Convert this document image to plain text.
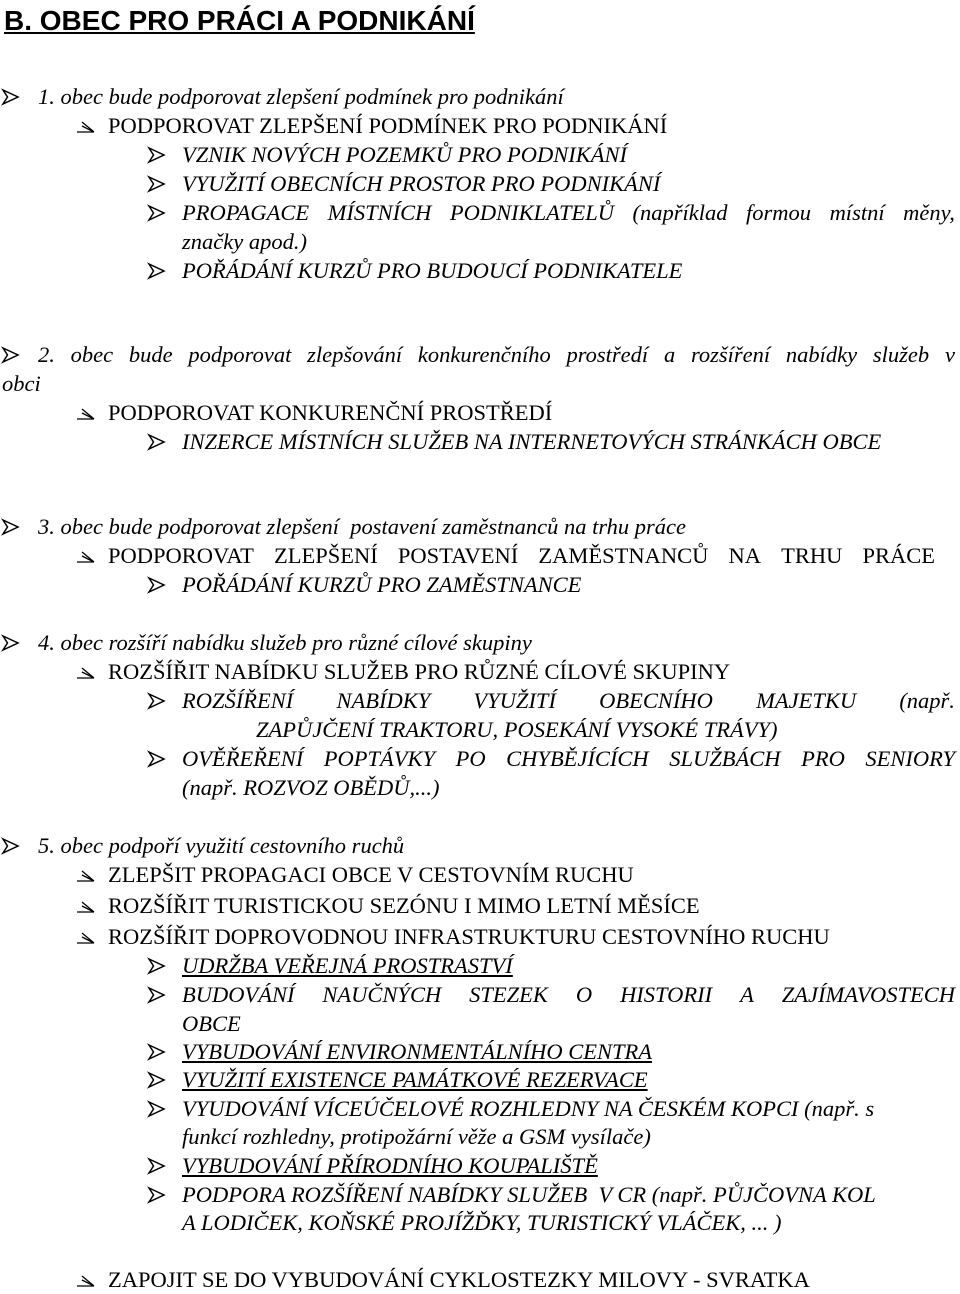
B. OBEC PRO PRÁCI A PODNIKÁNÍ
1. obec bude podporovat zlepšení podmínek pro podnikání
PODPOROVAT ZLEPŠENÍ PODMÍNEK PRO PODNIKÁNÍ
VZNIK NOVÝCH POZEMKŮ PRO PODNIKÁNÍ
VYUŽITÍ OBECNÍCH PROSTOR PRO PODNIKÁNÍ
PROPAGACE MÍSTNÍCH PODNIKLATELŮ (například formou místní měny,
značky apod.)
POŘÁDÁNÍ KURZŮ PRO BUDOUCÍ PODNIKATELE
2. obec bude podporovat zlepšování konkurenčního prostředí a rozšíření nabídky služeb v
obci
PODPOROVAT KONKURENČNÍ PROSTŘEDÍ
INZERCE MÍSTNÍCH SLUŽEB NA INTERNETOVÝCH STRÁNKÁCH OBCE
3. obec bude podporovat zlepšení  postavení zaměstnanců na trhu práce
PODPOROVAT ZLEPŠENÍ POSTAVENÍ ZAMĚSTNANCŮ NA TRHU PRÁCE
POŘÁDÁNÍ KURZŮ PRO ZAMĚSTNANCE
4. obec rozšíří nabídku služeb pro různé cílové skupiny
ROZŠÍŘIT NABÍDKU SLUŽEB PRO RŮZNÉ CÍLOVÉ SKUPINY
ROZŠÍŘENÍ NABÍDKY VYUŽITÍ OBECNÍHO MAJETKU (např.
ZAPŮJČENÍ TRAKTORU, POSEKÁNÍ VYSOKÉ TRÁVY)
OVĚŘEŘENÍ POPTÁVKY PO CHYBĚJÍCÍCH SLUŽBÁCH PRO SENIORY
(např. ROZVOZ OBĚDŮ,...)
5. obec podpoří využití cestovního ruchů
ZLEPŠIT PROPAGACI OBCE V CESTOVNÍM RUCHU
ROZŠÍŘIT TURISTICKOU SEZÓNU I MIMO LETNÍ MĚSÍCE
ROZŠÍŘIT DOPROVODNOU INFRASTRUKTURU CESTOVNÍHO RUCHU
UDRŽBA VEŘEJNÁ PROSTRASTVÍ
BUDOVÁNÍ NAUČNÝCH STEZEK O HISTORII A ZAJÍMAVOSTECH
OBCE
VYBUDOVÁNÍ ENVIRONMENTÁLNÍHO CENTRA
VYUŽITÍ EXISTENCE PAMÁTKOVÉ REZERVACE
VYUDOVÁNÍ VÍCEÚČELOVÉ ROZHLEDNY NA ČESKÉM KOPCI (např. s
funkcí rozhledny, protipožární věže a GSM vysílače)
VYBUDOVÁNÍ PŘÍRODNÍHO KOUPALIŠTĚ
PODPORA ROZŠÍŘENÍ NABÍDKY SLUŽEB  V CR (např. PŮJČOVNA KOL
A LODIČEK, KOŇSKÉ PROJÍŽĎKY, TURISTICKÝ VLÁČEK, ... )
ZAPOJIT SE DO VYBUDOVÁNÍ CYKLOSTEZKY MILOVY - SVRATKA
